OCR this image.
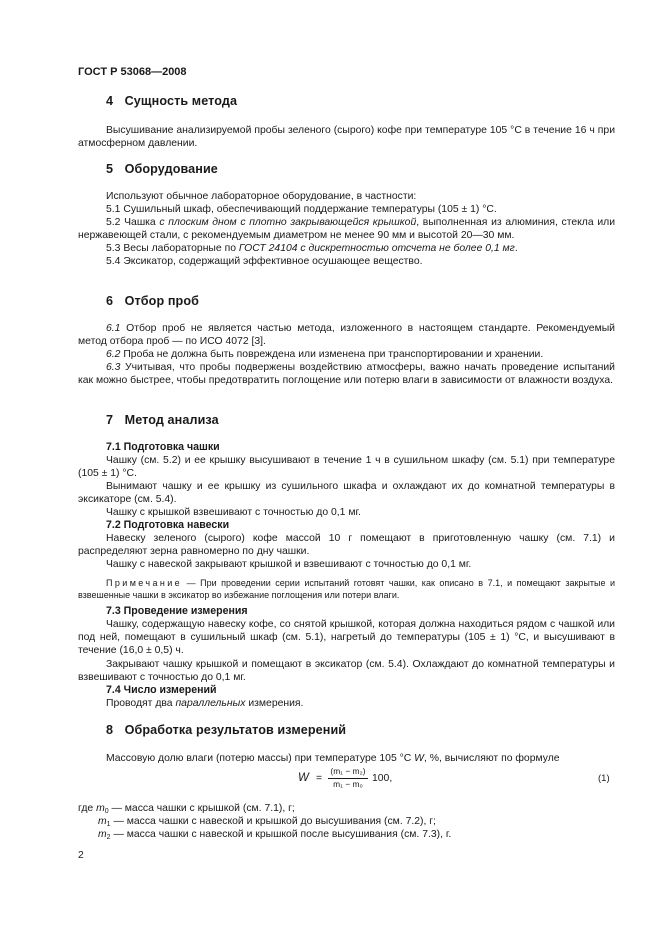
ГОСТ Р 53068—2008
4 Сущность метода
Высушивание анализируемой пробы зеленого (сырого) кофе при температуре 105 °С в течение 16 ч при атмосферном давлении.
5 Оборудование
Используют обычное лабораторное оборудование, в частности:
5.1 Сушильный шкаф, обеспечивающий поддержание температуры (105 ± 1) °С.
5.2 Чашка с плоским дном с плотно закрывающейся крышкой, выполненная из алюминия, стекла или нержавеющей стали, с рекомендуемым диаметром не менее 90 мм и высотой 20—30 мм.
5.3 Весы лабораторные по ГОСТ 24104 с дискретностью отсчета не более 0,1 мг.
5.4 Эксикатор, содержащий эффективное осушающее вещество.
6 Отбор проб
6.1 Отбор проб не является частью метода, изложенного в настоящем стандарте. Рекомендуемый метод отбора проб — по ИСО 4072 [3].
6.2 Проба не должна быть повреждена или изменена при транспортировании и хранении.
6.3 Учитывая, что пробы подвержены воздействию атмосферы, важно начать проведение испытаний как можно быстрее, чтобы предотвратить поглощение или потерю влаги в зависимости от влажности воздуха.
7 Метод анализа
7.1 Подготовка чашки
Чашку (см. 5.2) и ее крышку высушивают в течение 1 ч в сушильном шкафу (см. 5.1) при температуре (105 ± 1) °С.
Вынимают чашку и ее крышку из сушильного шкафа и охлаждают их до комнатной температуры в эксикаторе (см. 5.4).
Чашку с крышкой взвешивают с точностью до 0,1 мг.
7.2 Подготовка навески
Навеску зеленого (сырого) кофе массой 10 г помещают в приготовленную чашку (см. 7.1) и распределяют зерна равномерно по дну чашки.
Чашку с навеской закрывают крышкой и взвешивают с точностью до 0,1 мг.
Примечание — При проведении серии испытаний готовят чашки, как описано в 7.1, и помещают закрытые и взвешенные чашки в эксикатор во избежание поглощения или потери влаги.
7.3 Проведение измерения
Чашку, содержащую навеску кофе, со снятой крышкой, которая должна находиться рядом с чашкой или под ней, помещают в сушильный шкаф (см. 5.1), нагретый до температуры (105 ± 1) °С, и высушивают в течение (16,0 ± 0,5) ч.
Закрывают чашку крышкой и помещают в эксикатор (см. 5.4). Охлаждают до комнатной температуры и взвешивают с точностью до 0,1 мг.
7.4 Число измерений
Проводят два параллельных измерения.
8 Обработка результатов измерений
Массовую долю влаги (потерю массы) при температуре 105 °С W, %, вычисляют по формуле
$W = \frac{\text{(m₁ − m₂)}}{\text{m₁ − m₀}} 100$,	(1)
где $m_0$ — масса чашки с крышкой (см. 7.1), г;
$m_1$ — масса чашки с навеской и крышкой до высушивания (см. 7.2), г;
$m_2$ — масса чашки с навеской и крышкой после высушивания (см. 7.3), г.
2
